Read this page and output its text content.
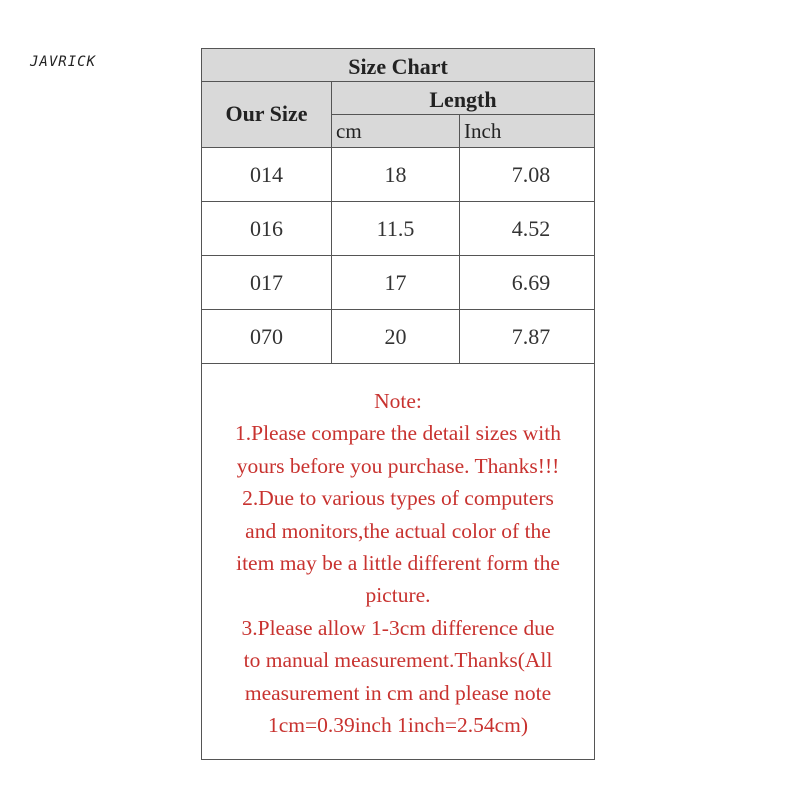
JAVRICK	Size Chart
Our Size
Length
cm	Inch
014	18	7.08
016	11.5	4.52
017	17	6.69
070	20	7.87
Note:
1.Please compare the detail sizes with
yours before you purchase. Thanks!!!
2.Due to various types of computers
and monitors,the actual color of the
item may be a little different form the
picture.
3.Please allow 1-3cm difference due
to manual measurement.Thanks(All
measurement in cm and please note
1cm=0.39inch 1inch=2.54cm)
